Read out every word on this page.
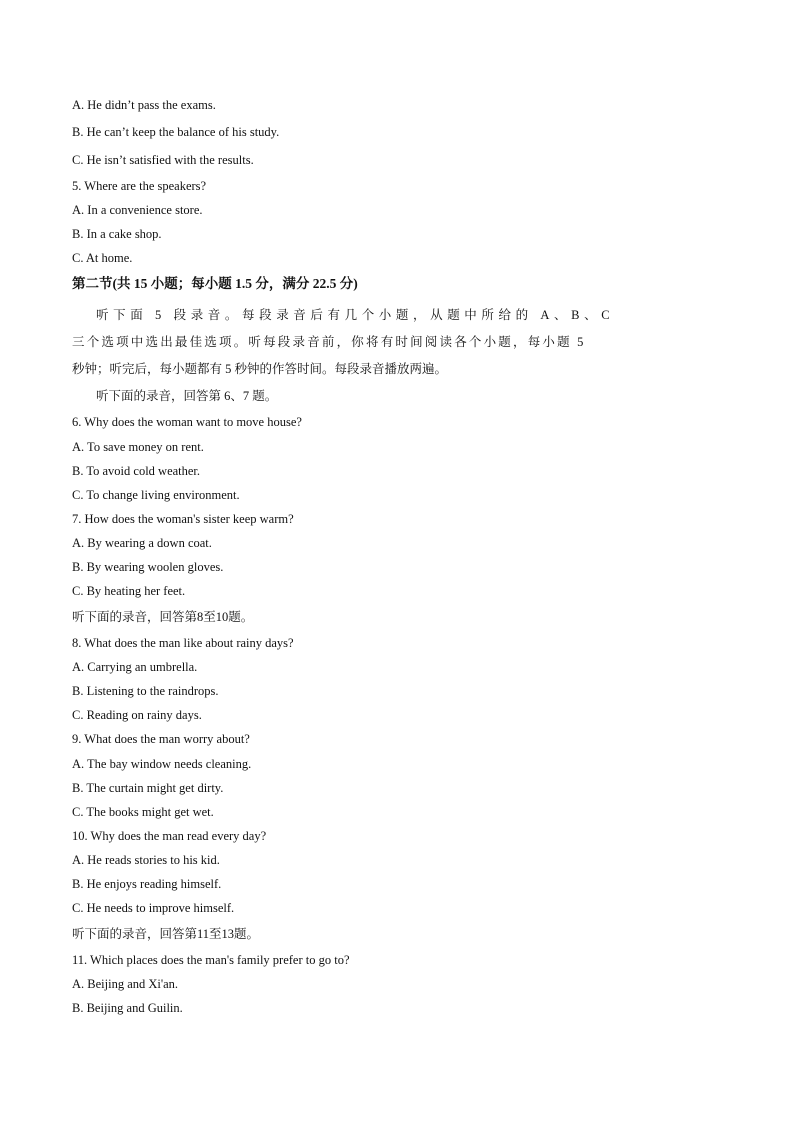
A. He didn’t pass the exams.
B. He can’t keep the balance of his study.
C. He isn’t satisfied with the results.
5. Where are the speakers?
A. In a convenience store.
B. In a cake shop.
C. At home.
第二节(共 15 小题；每小题 1.5 分，满分 22.5 分)
听下面 5 段录音。每段录音后有几个小题，从题中所给的 A、B、C
三个选项中选出最佳选项。听每段录音前，你将有时间阅读各个小题，每小题 5
秒钟；听完后，每小题都有 5 秒钟的作答时间。每段录音播放两遍。
听下面的录音，回答第 6、7 题。
6. Why does the woman want to move house?
A. To save money on rent.
B. To avoid cold weather.
C. To change living environment.
7. How does the woman's sister keep warm?
A. By wearing a down coat.
B. By wearing woolen gloves.
C. By heating her feet.
听下面的录音，回答第8至10题。
8. What does the man like about rainy days?
A. Carrying an umbrella.
B. Listening to the raindrops.
C. Reading on rainy days.
9. What does the man worry about?
A. The bay window needs cleaning.
B. The curtain might get dirty.
C. The books might get wet.
10. Why does the man read every day?
A. He reads stories to his kid.
B. He enjoys reading himself.
C. He needs to improve himself.
听下面的录音，回答第11至13题。
11. Which places does the man's family prefer to go to?
A. Beijing and Xi'an.
B. Beijing and Guilin.
